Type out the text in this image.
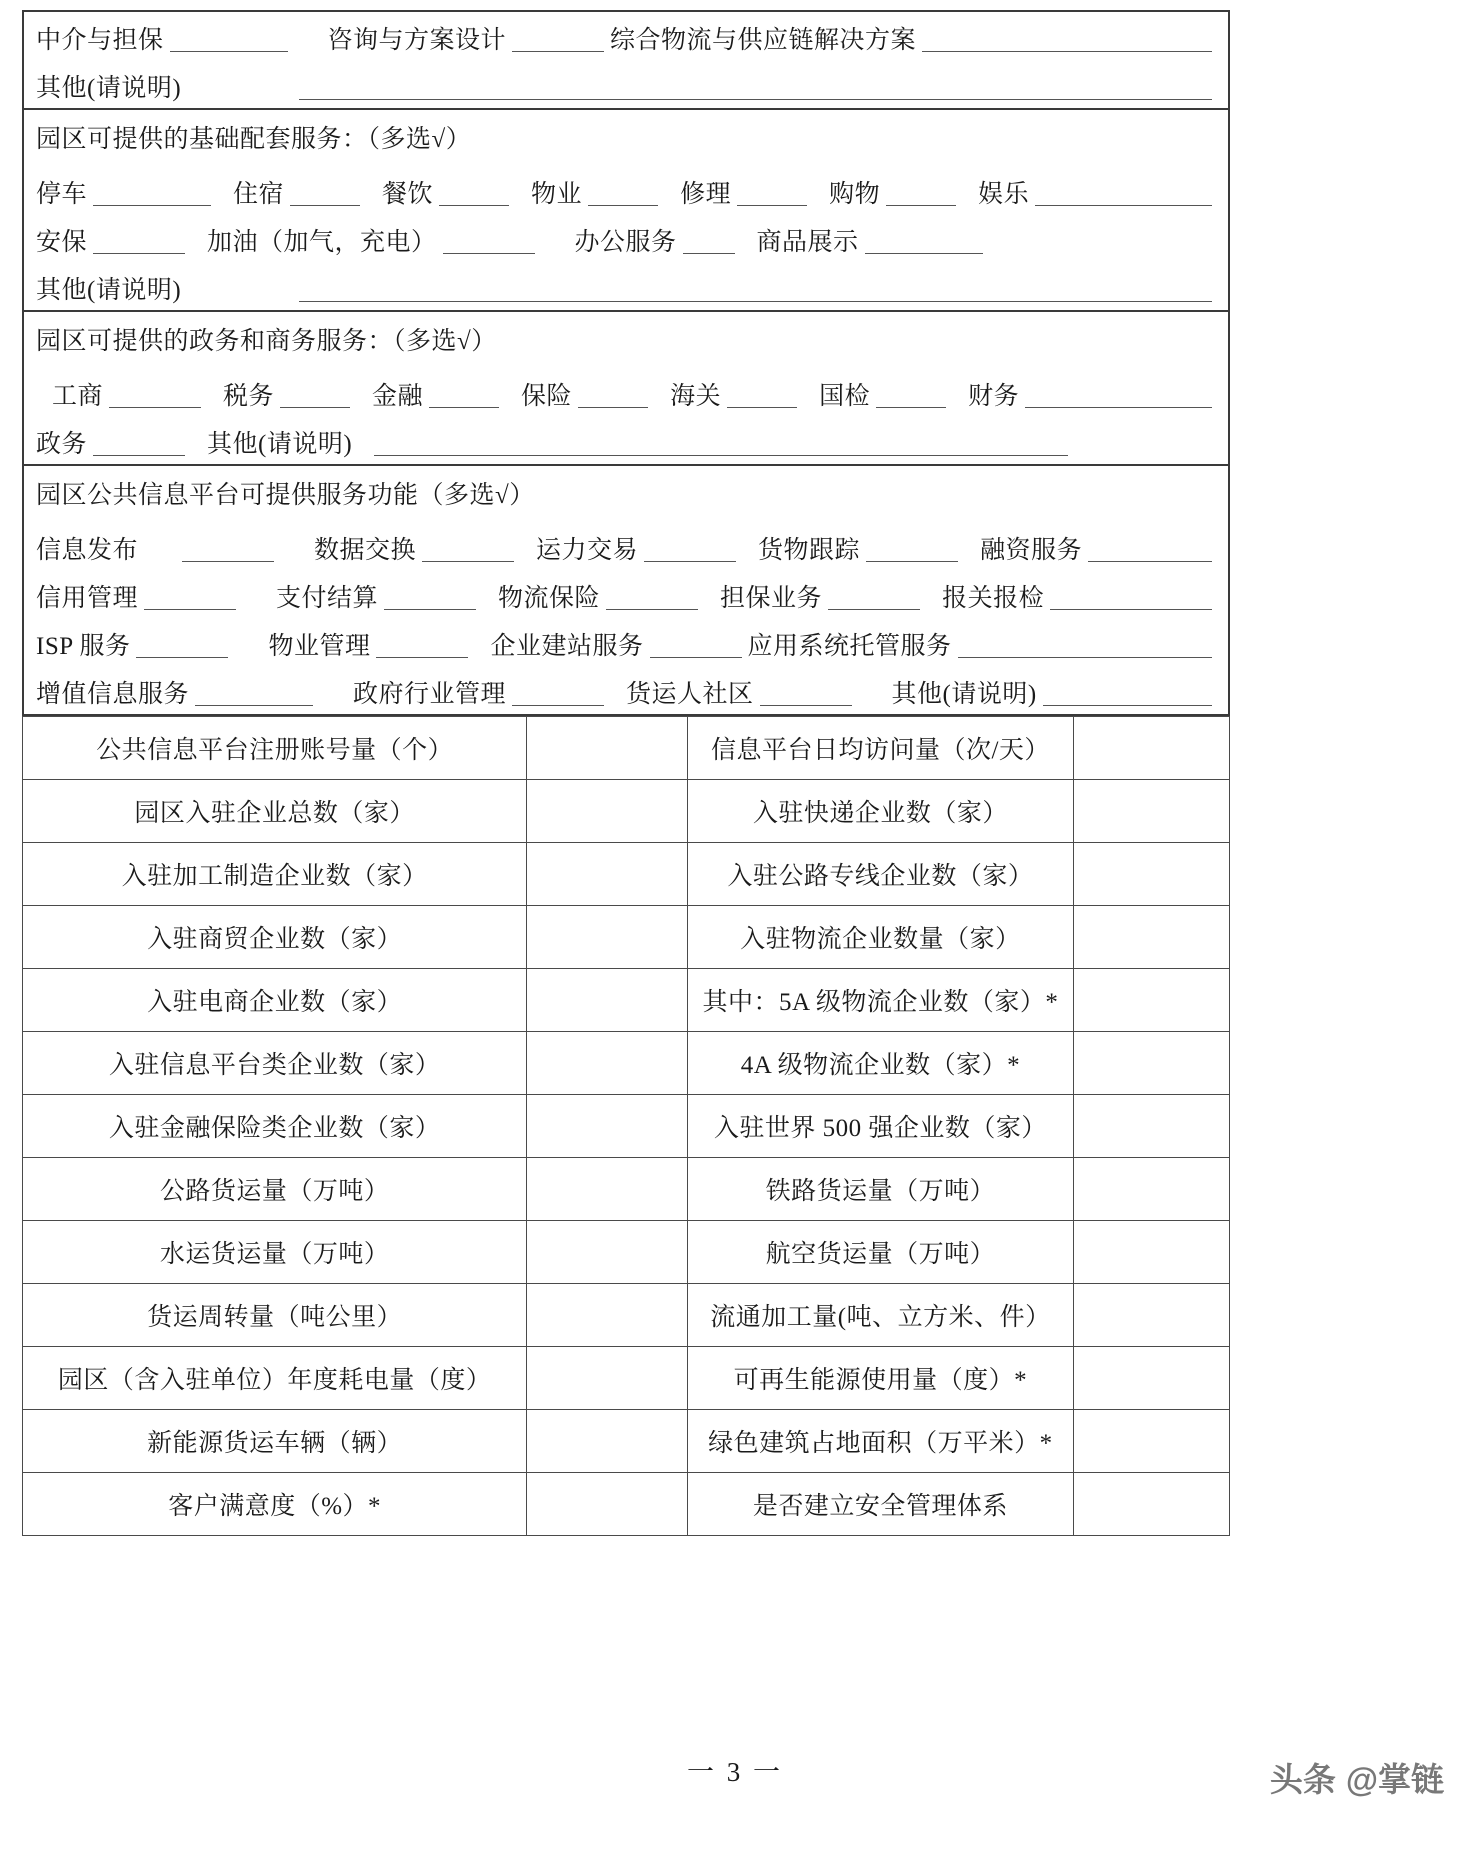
中介与担保	咨询与方案设计	综合物流与供应链解决方案
其他(请说明)
园区可提供的基础配套服务：（多选√）
停车	住宿	餐饮	物业	修理	购物	娱乐
安保	加油（加气，充电）	办公服务	商品展示
其他(请说明)
园区可提供的政务和商务服务：（多选√）
工商	税务	金融	保险	海关	国检	财务
政务	其他(请说明)
园区公共信息平台可提供服务功能（多选√）
信息发布	数据交换	运力交易	货物跟踪	融资服务
信用管理	支付结算	物流保险	担保业务	报关报检
ISP 服务	物业管理	企业建站服务	应用系统托管服务
增值信息服务	政府行业管理	货运人社区	其他(请说明)
公共信息平台注册账号量（个）		信息平台日均访问量（次/天）	
园区入驻企业总数（家）		入驻快递企业数（家）	
入驻加工制造企业数（家）		入驻公路专线企业数（家）	
入驻商贸企业数（家）		入驻物流企业数量（家）	
入驻电商企业数（家）		其中：5A 级物流企业数（家）*	
入驻信息平台类企业数（家）		4A 级物流企业数（家）*	
入驻金融保险类企业数（家）		入驻世界 500 强企业数（家）	
公路货运量（万吨）		铁路货运量（万吨）	
水运货运量（万吨）		航空货运量（万吨）	
货运周转量（吨公里）		流通加工量(吨、立方米、件）	
园区（含入驻单位）年度耗电量（度）		可再生能源使用量（度）*	
新能源货运车辆（辆）		绿色建筑占地面积（万平米）*	
客户满意度（%）*		是否建立安全管理体系	
一 3 一	头条 @掌链
